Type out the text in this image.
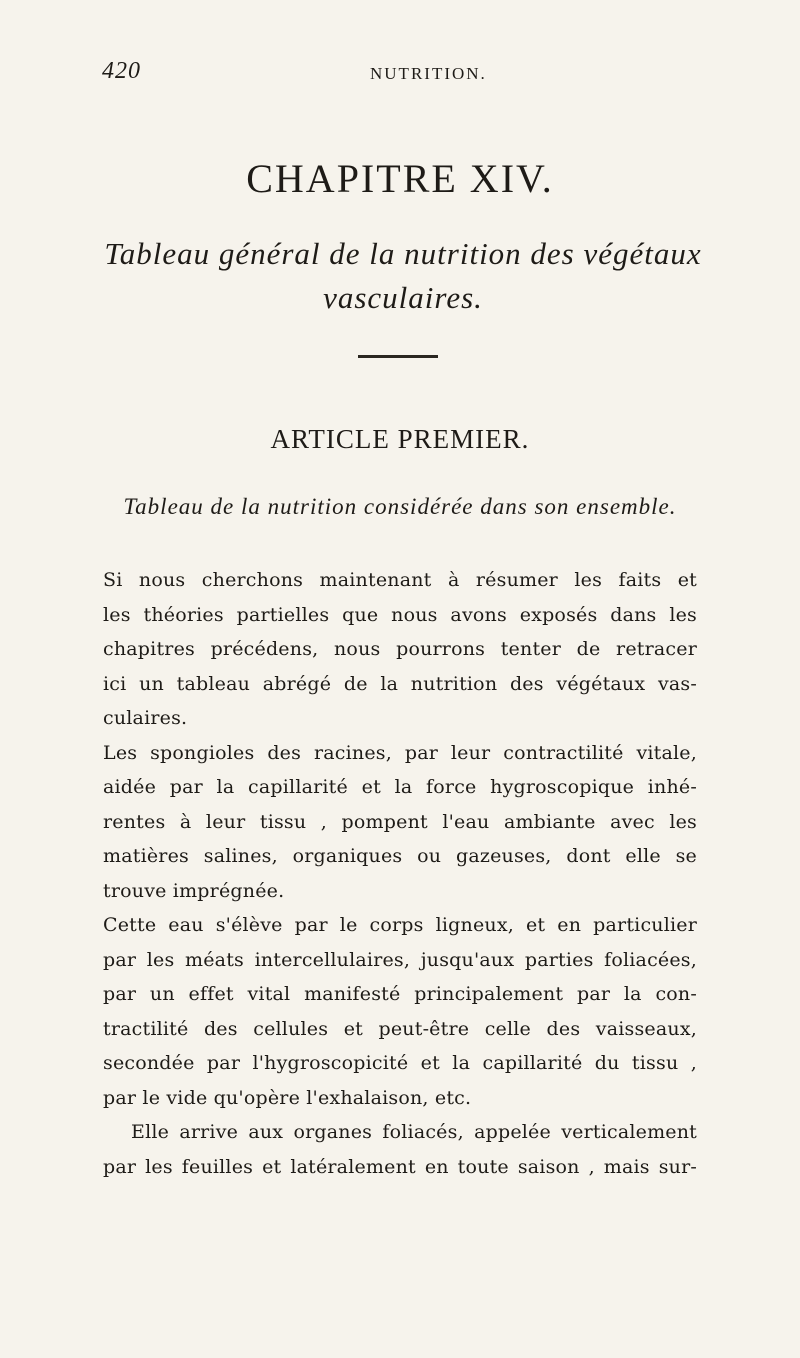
420	NUTRITION.
CHAPITRE XIV.
Tableau général de la nutrition des végétaux
vasculaires.
ARTICLE PREMIER.
Tableau de la nutrition considérée dans son ensemble.
Si nous cherchons maintenant à résumer les faits et
les théories partielles que nous avons exposés dans les
chapitres précédens, nous pourrons tenter de retracer
ici un tableau abrégé de la nutrition des végétaux vas-
culaires.
Les spongioles des racines, par leur contractilité vitale,
aidée par la capillarité et la force hygroscopique inhé-
rentes à leur tissu , pompent l'eau ambiante avec les
matières salines, organiques ou gazeuses, dont elle se
trouve imprégnée.
Cette eau s'élève par le corps ligneux, et en particulier
par les méats intercellulaires, jusqu'aux parties foliacées,
par un effet vital manifesté principalement par la con-
tractilité des cellules et peut-être celle des vaisseaux,
secondée par l'hygroscopicité et la capillarité du tissu ,
par le vide qu'opère l'exhalaison, etc.
Elle arrive aux organes foliacés, appelée verticalement
par les feuilles et latéralement en toute saison , mais sur-
